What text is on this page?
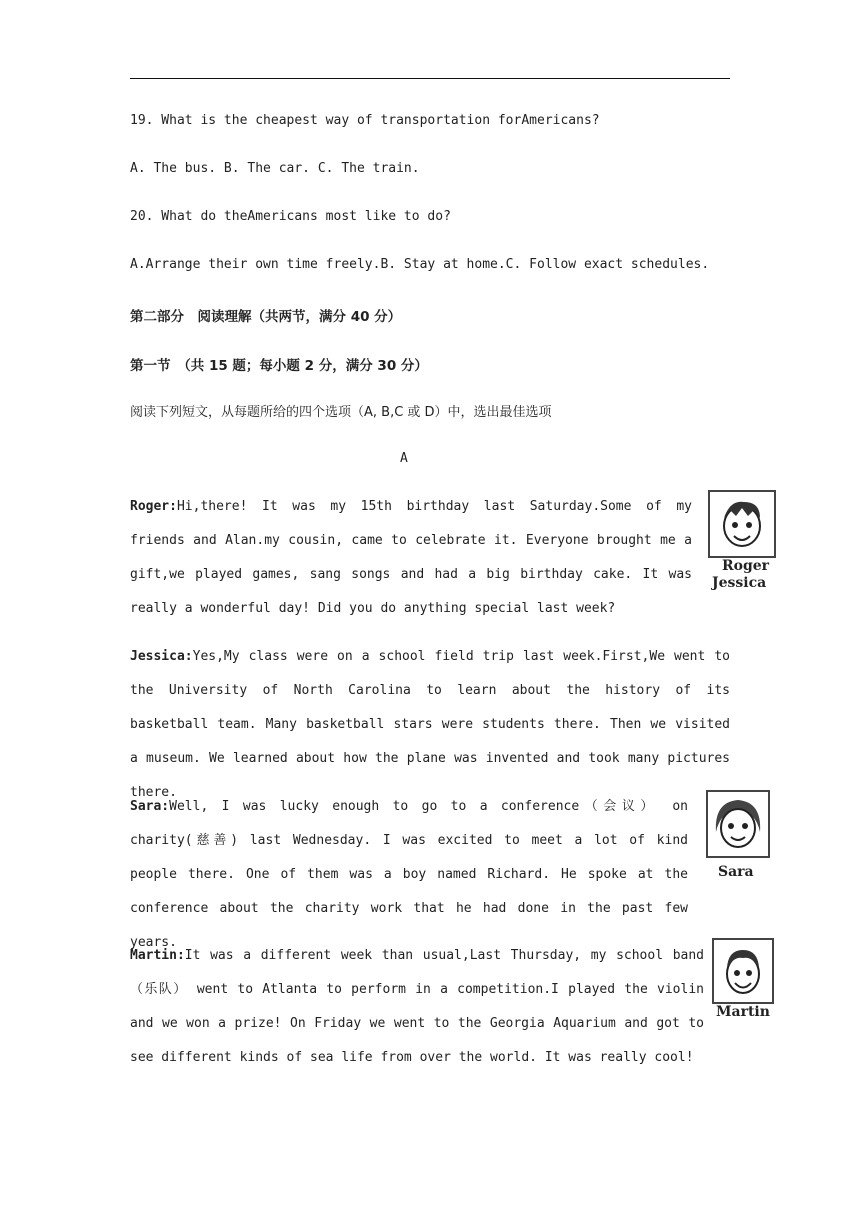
19. What is the cheapest way of transportation forAmericans?
A. The bus. B. The car. C. The train.
20. What do theAmericans most like to do?
A.Arrange their own time freely.B. Stay at home.C. Follow exact schedules.
第二部分　阅读理解（共两节，满分 40 分）
第一节　（共 15 题；每小题 2 分，满分 30 分）
阅读下列短文，从每题所给的四个选项（A, B,C 或 D）中，选出最佳选项
A
Roger:Hi,there! It was my 15th birthday last Saturday.Some of my friends and Alan.my cousin, came to celebrate it. Everyone brought me a gift,we played games, sang songs and had a big birthday cake. It was really a wonderful day! Did you do anything special last week?
Jessica:Yes,My class were on a school field trip last week.First,We went to the University of North Carolina to learn about the history of its basketball team. Many basketball stars were students there. Then we visited a museum. We learned about how the plane was invented and took many pictures there.
Sara:Well, I was lucky enough to go to a conference（会议） on charity(慈善) last Wednesday. I was excited to meet a lot of kind people there. One of them was a boy named Richard. He spoke at the conference about the charity work that he had done in the past few years.
Martin:It was a different week than usual,Last Thursday, my school band（乐队） went to Atlanta to perform in a competition.I played the violin and we won a prize! On Friday we went to the Georgia Aquarium and got to see different kinds of sea life from over the world. It was really cool!
Roger
Jessica
Sara
Martin
